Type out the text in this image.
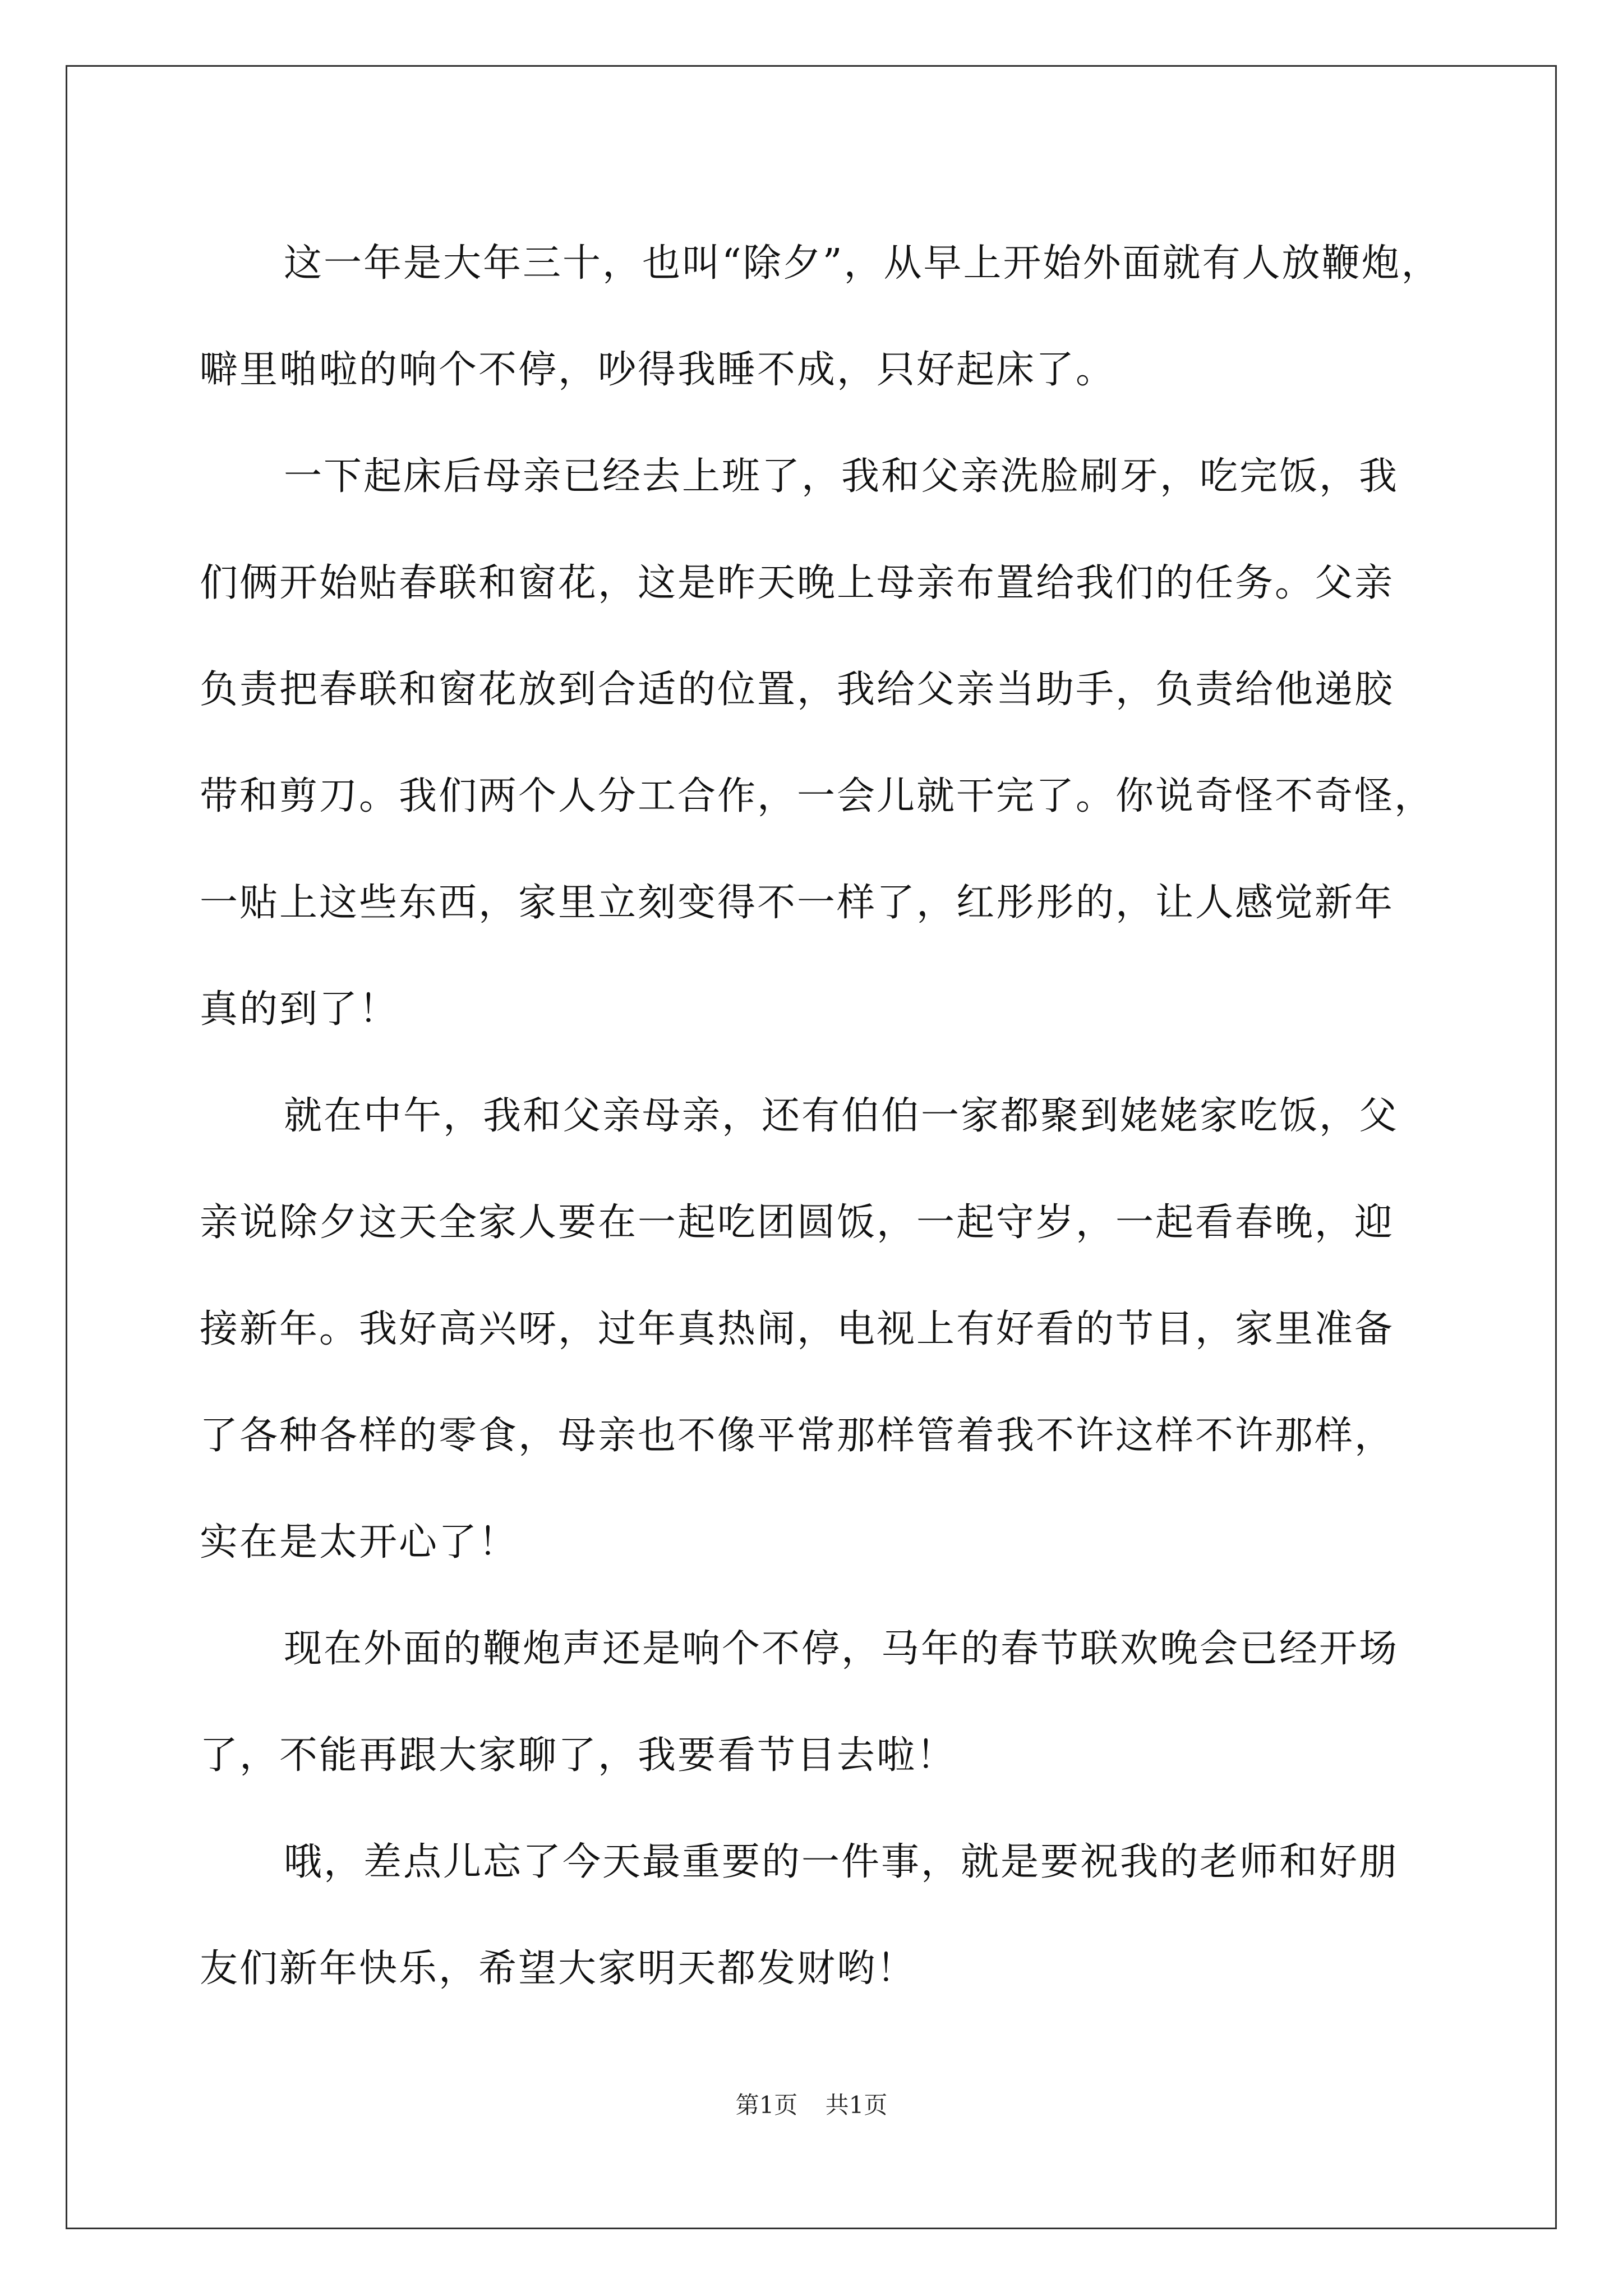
这一年是大年三十，也叫“除夕”，从早上开始外面就有人放鞭炮，
噼里啪啦的响个不停，吵得我睡不成，只好起床了。

一下起床后母亲已经去上班了，我和父亲洗脸刷牙，吃完饭，我
们俩开始贴春联和窗花，这是昨天晚上母亲布置给我们的任务。父亲
负责把春联和窗花放到合适的位置，我给父亲当助手，负责给他递胶
带和剪刀。我们两个人分工合作，一会儿就干完了。你说奇怪不奇怪，
一贴上这些东西，家里立刻变得不一样了，红彤彤的，让人感觉新年
真的到了！

就在中午，我和父亲母亲，还有伯伯一家都聚到姥姥家吃饭，父
亲说除夕这天全家人要在一起吃团圆饭，一起守岁，一起看春晚，迎
接新年。我好高兴呀，过年真热闹，电视上有好看的节目，家里准备
了各种各样的零食，母亲也不像平常那样管着我不许这样不许那样，
实在是太开心了！

现在外面的鞭炮声还是响个不停，马年的春节联欢晚会已经开场
了，不能再跟大家聊了，我要看节目去啦！

哦，差点儿忘了今天最重要的一件事，就是要祝我的老师和好朋
友们新年快乐，希望大家明天都发财哟！

第1页 共1页
